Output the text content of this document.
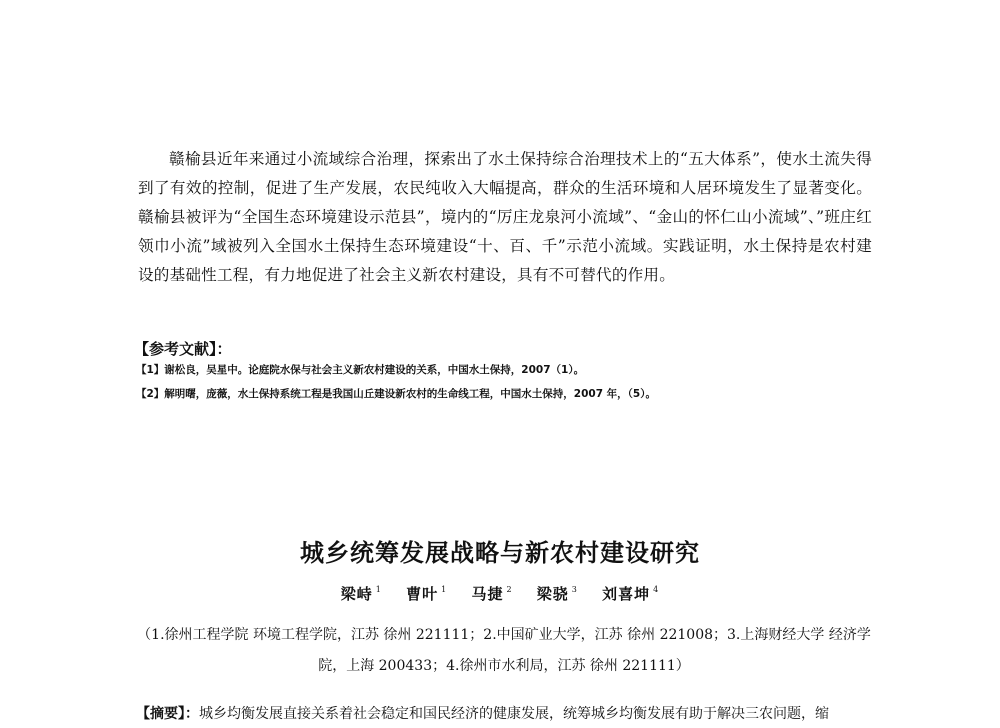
赣榆县近年来通过小流域综合治理，探索出了水土保持综合治理技术上的“五大体系”，使水土流失得到了有效的控制，促进了生产发展，农民纯收入大幅提高，群众的生活环境和人居环境发生了显著变化。赣榆县被评为“全国生态环境建设示范县”，境内的“厉庄龙泉河小流域”、“金山的怀仁山小流域”、”班庄红领巾小流”域被列入全国水土保持生态环境建设“十、百、千”示范小流域。实践证明，水土保持是农村建设的基础性工程，有力地促进了社会主义新农村建设，具有不可替代的作用。

【参考文献】：
【1】谢松良，吴星中。论庭院水保与社会主义新农村建设的关系，中国水土保持，2007（1）。
【2】解明曙，庞薇，水土保持系统工程是我国山丘建设新农村的生命线工程，中国水土保持，2007 年，（5）。
城乡统筹发展战略与新农村建设研究
梁峙 $^1$ 曹叶 $^1$ 马捷 $^2$ 梁骁 $^3$ 刘喜坤 $^4$
（1.徐州工程学院 环境工程学院，江苏 徐州 221111；2.中国矿业大学，江苏 徐州 221008；3.上海财经大学 经济学院，上海 200433；4.徐州市水利局，江苏 徐州 221111）
【摘要】：城乡均衡发展直接关系着社会稳定和国民经济的健康发展，统筹城乡均衡发展有助于解决三农问题，缩
